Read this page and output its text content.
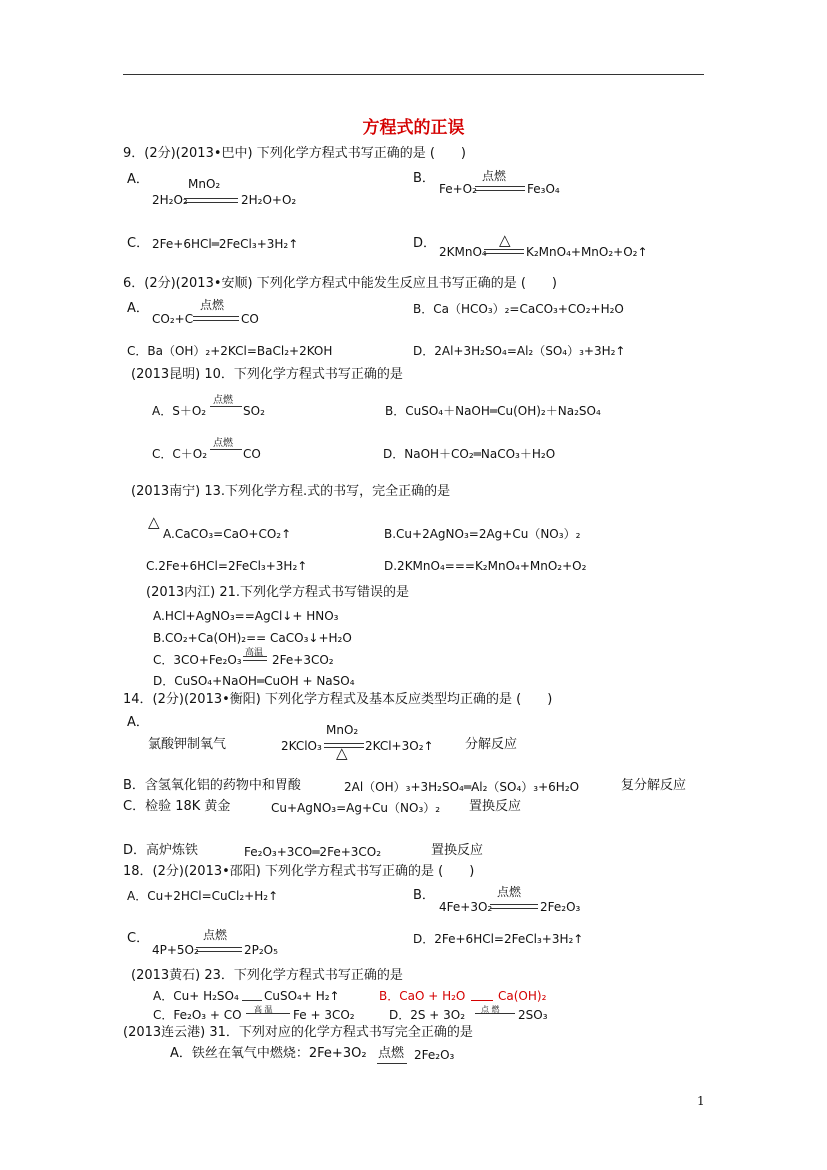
方程式的正误
9．(2分)(2013•巴中) 下列化学方程式书写正确的是 (　　)
A．	MnO₂
2H₂O₂	2H₂O+O₂
B．	点燃
Fe+O₂	Fe₃O₄
C． 2Fe+6HCl═2FeCl₃+3H₂↑	D．	△
2KMnO₄	K₂MnO₄+MnO₂+O₂↑
6．(2分)(2013•安顺) 下列化学方程式中能发生反应且书写正确的是 (　　)
A．	点燃
CO₂+C	CO
B．Ca（HCO₃）₂=CaCO₃+CO₂+H₂O
C．Ba（OH）₂+2KCl=BaCl₂+2KOH	D．2Al+3H₂SO₄=Al₂（SO₄）₃+3H₂↑
(2013昆明) 10．下列化学方程式书写正确的是
A．S＋O₂
点燃
SO₂	B．CuSO₄＋NaOH═Cu(OH)₂＋Na₂SO₄
C．C＋O₂
点燃
CO	D．NaOH＋CO₂═NaCO₃＋H₂O
(2013南宁) 13.下列化学方程.式的书写，完全正确的是
△
A.CaCO₃=CaO+CO₂↑	B.Cu+2AgNO₃=2Ag+Cu（NO₃）₂
C.2Fe+6HCl=2FeCl₃+3H₂↑	D.2KMnO₄===K₂MnO₄+MnO₂+O₂
(2013内江) 21.下列化学方程式书写错误的是
A.HCl+AgNO₃==AgCl↓+ HNO₃
B.CO₂+Ca(OH)₂== CaCO₃↓+H₂O
C．3CO+Fe₂O₃ 高温 2Fe+3CO₂
D．CuSO₄+NaOH═CuOH + NaSO₄
14．(2分)(2013•衡阳) 下列化学方程式及基本反应类型均正确的是 (　　)
A．
氯酸钾制氧气
MnO₂
2KClO₃ △ 2KCl+3O₂↑ 分解反应
B．含氢氧化铝的药物中和胃酸	2Al（OH）₃+3H₂SO₄═Al₂（SO₄）₃+6H₂O	复分解反应
C．检验 18K 黄金	Cu+AgNO₃=Ag+Cu（NO₃）₂ 置换反应
D．高炉炼铁	Fe₂O₃+3CO═2Fe+3CO₂	置换反应
18．(2分)(2013•邵阳) 下列化学方程式书写正确的是 (　　)
A．Cu+2HCl=CuCl₂+H₂↑	B．	点燃
4Fe+3O₂	2Fe₂O₃
C．	点燃
4P+5O₂	2P₂O₅
D．2Fe+6HCl=2FeCl₃+3H₂↑
(2013黄石) 23．下列化学方程式书写正确的是
A．Cu+ H₂SO₄ CuSO₄+ H₂↑	B．CaO + H₂O	Ca(OH)₂
C．Fe₂O₃ + CO 高 温 Fe + 3CO₂	D．2S + 3O₂ 点 燃 2SO₃
(2013连云港) 31．下列对应的化学方程式书写完全正确的是
A．铁丝在氧气中燃烧：2Fe+3O₂ 点燃 2Fe₂O₃
1
